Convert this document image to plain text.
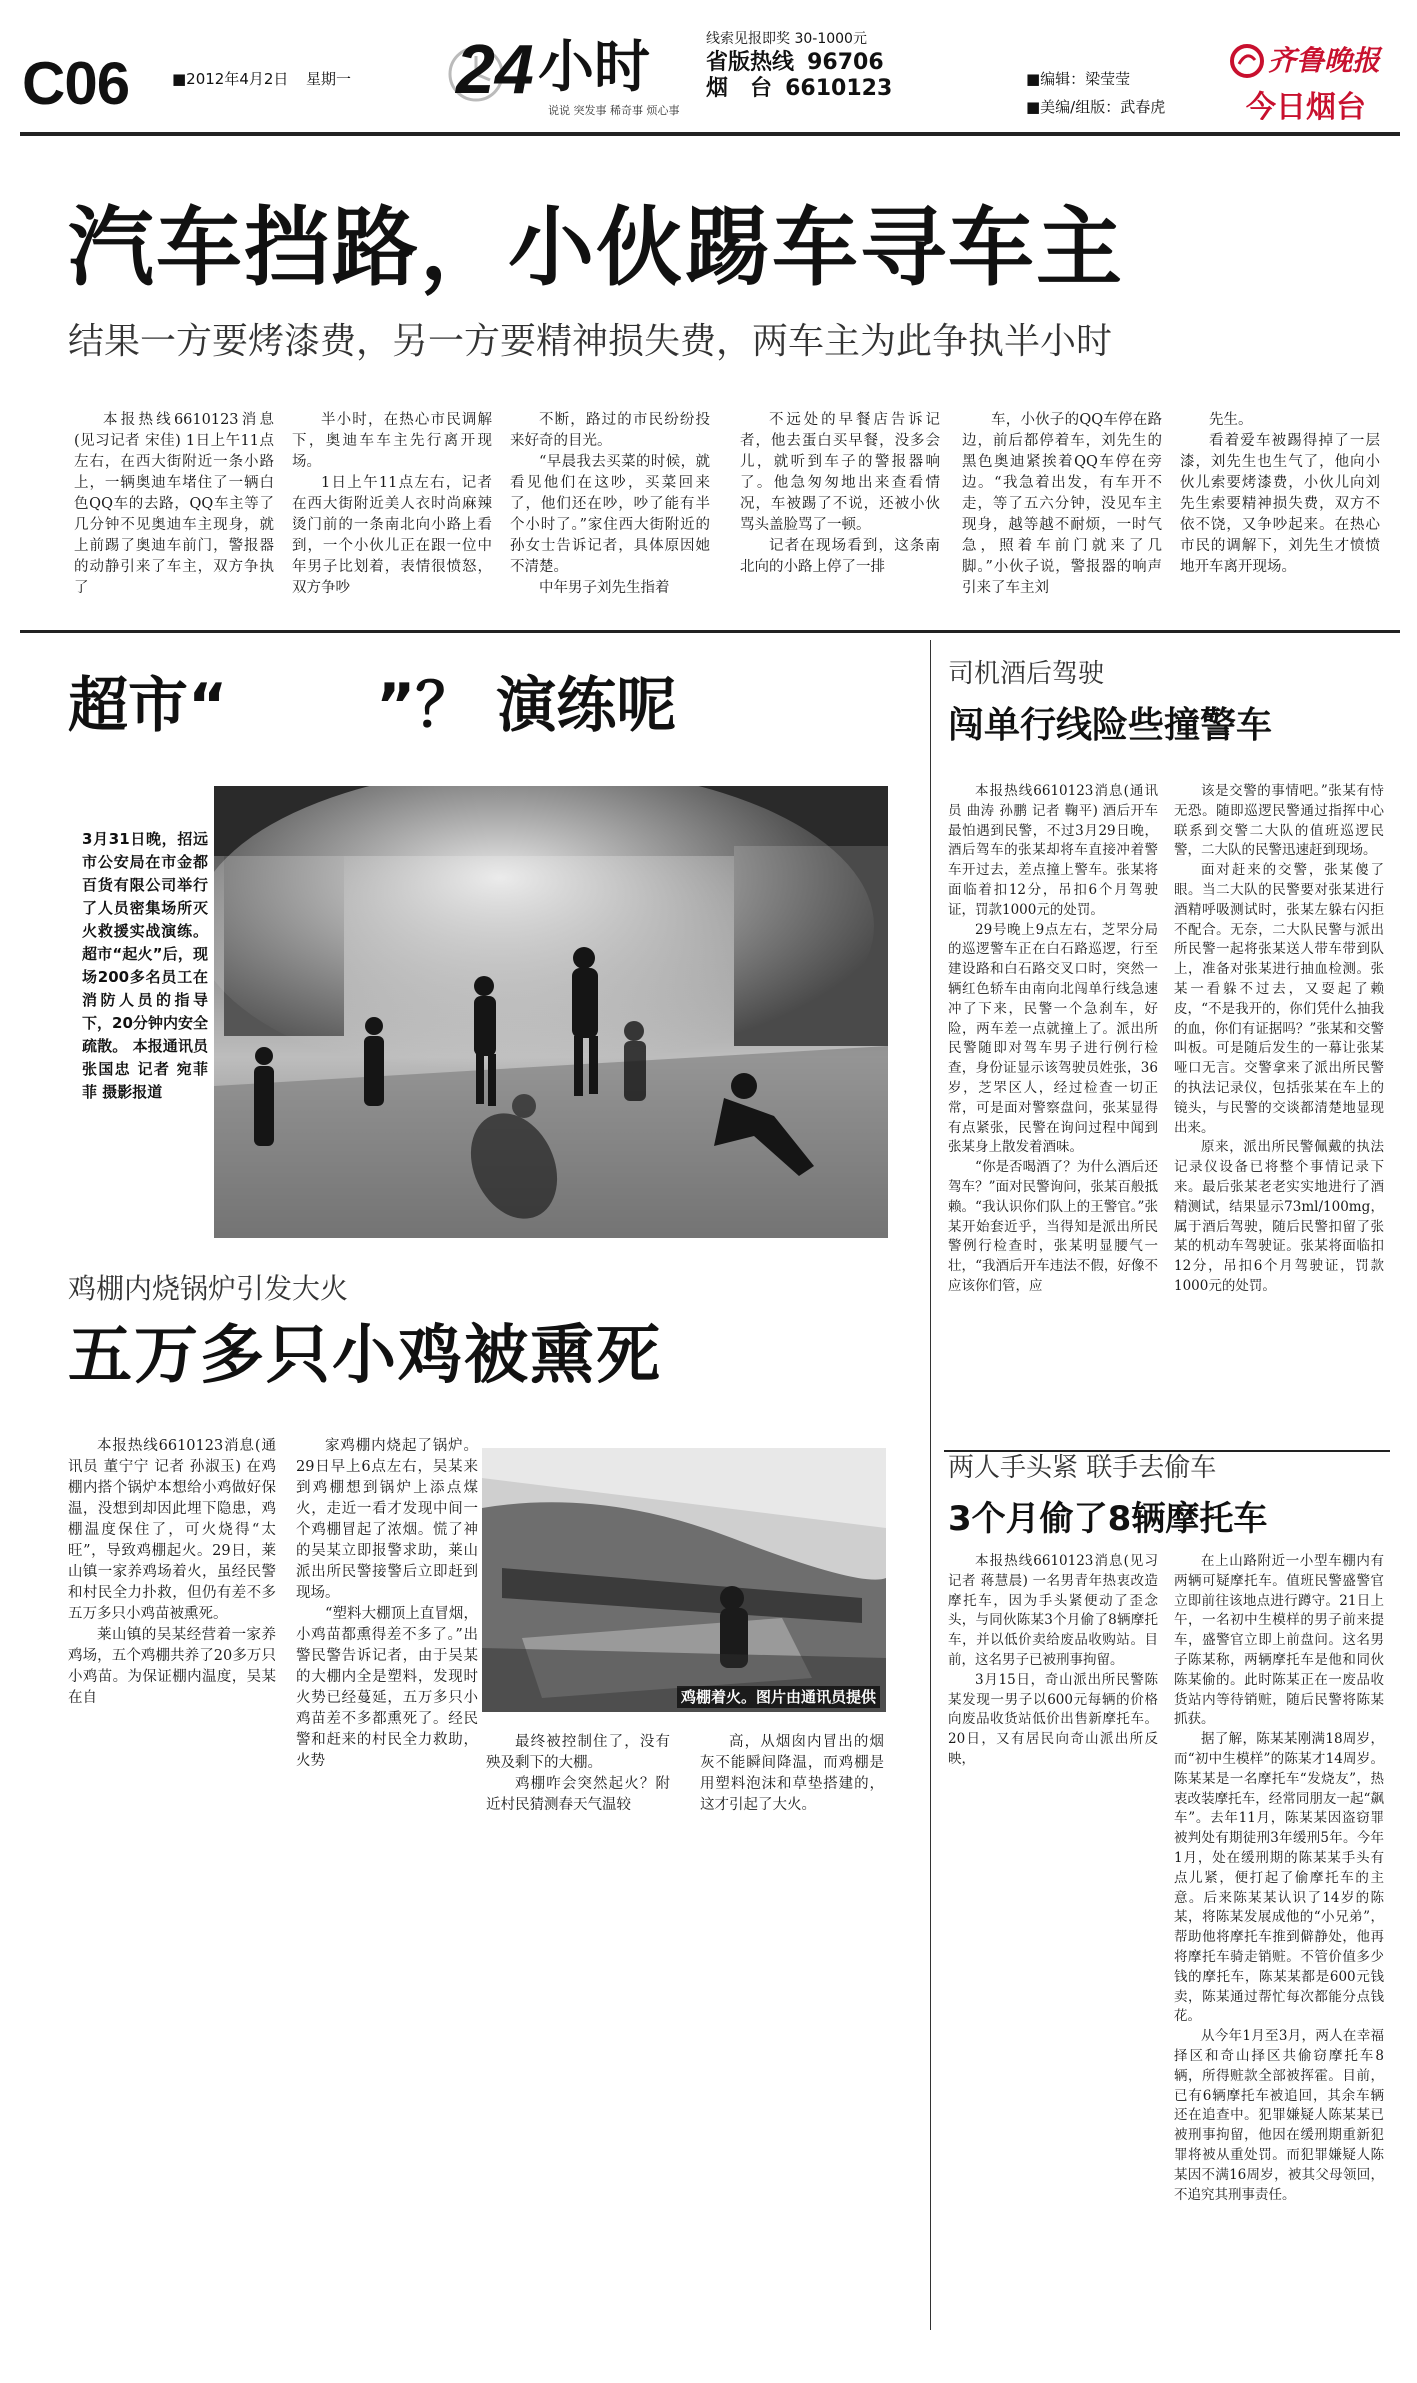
C06	■2012年4月2日 星期一 24 小时
说说 突发事 稀奇事 烦心事
线索见报即奖 30-1000元
省版热线 96706
烟　台 6610123	■编辑：梁莹莹
■美编/组版：武春虎
齐鲁晚报
今日烟台
汽车挡路，小伙踢车寻车主
结果一方要烤漆费，另一方要精神损失费，两车主为此争执半小时

本报热线6610123消息(见习记者 宋佳) 1日上午11点左右，在西大街附近一条小路上，一辆奥迪车堵住了一辆白色QQ车的去路，QQ车主等了几分钟不见奥迪车主现身，就上前踢了奥迪车前门，警报器的动静引来了车主，双方争执了

半小时，在热心市民调解下，奥迪车车主先行离开现场。

1日上午11点左右，记者在西大街附近美人衣时尚麻辣烫门前的一条南北向小路上看到，一个小伙儿正在跟一位中年男子比划着，表情很愤怒，双方争吵

不断，路过的市民纷纷投来好奇的目光。

“早晨我去买菜的时候，就看见他们在这吵，买菜回来了，他们还在吵，吵了能有半个小时了。”家住西大街附近的孙女士告诉记者，具体原因她不清楚。

中年男子刘先生指着

不远处的早餐店告诉记者，他去蛋白买早餐，没多会儿，就听到车子的警报器响了。他急匆匆地出来查看情况，车被踢了不说，还被小伙骂头盖脸骂了一顿。

记者在现场看到，这条南北向的小路上停了一排

车，小伙子的QQ车停在路边，前后都停着车，刘先生的黑色奥迪紧挨着QQ车停在旁边。“我急着出发，有车开不走，等了五六分钟，没见车主现身，越等越不耐烦，一时气急，照着车前门就来了几脚。”小伙子说，警报器的响声引来了车主刘

先生。

看着爱车被踢得掉了一层漆，刘先生也生气了，他向小伙儿索要烤漆费，小伙儿向刘先生索要精神损失费，双方不依不饶，又争吵起来。在热心市民的调解下，刘先生才愤愤地开车离开现场。

超市“ ”？ 演练呢
3月31日晚，招远市公安局在市金都百货有限公司举行了人员密集场所灭火救援实战演练。超市“起火”后，现场200多名员工在消防人员的指导下，20分钟内安全疏散。 本报通讯员 张国忠 记者 宛菲菲 摄影报道
鸡棚内烧锅炉引发大火
五万多只小鸡被熏死

本报热线6610123消息(通讯员 董宁宁 记者 孙淑玉) 在鸡棚内搭个锅炉本想给小鸡做好保温，没想到却因此埋下隐患，鸡棚温度保住了，可火烧得“太旺”，导致鸡棚起火。29日，莱山镇一家养鸡场着火，虽经民警和村民全力扑救，但仍有差不多五万多只小鸡苗被熏死。

莱山镇的吴某经营着一家养鸡场，五个鸡棚共养了20多万只小鸡苗。为保证棚内温度，吴某在自

家鸡棚内烧起了锅炉。29日早上6点左右，吴某来到鸡棚想到锅炉上添点煤火，走近一看才发现中间一个鸡棚冒起了浓烟。慌了神的吴某立即报警求助，莱山派出所民警接警后立即赶到现场。

“塑料大棚顶上直冒烟，小鸡苗都熏得差不多了。”出警民警告诉记者，由于吴某的大棚内全是塑料，发现时火势已经蔓延，五万多只小鸡苗差不多都熏死了。经民警和赶来的村民全力救助，火势

鸡棚着火。图片由通讯员提供

最终被控制住了，没有殃及剩下的大棚。

鸡棚咋会突然起火？附近村民猜测春天气温较

高，从烟囱内冒出的烟灰不能瞬间降温，而鸡棚是用塑料泡沫和草垫搭建的，这才引起了大火。

司机酒后驾驶
闯单行线险些撞警车

本报热线6610123消息(通讯员 曲涛 孙鹏 记者 鞠平) 酒后开车最怕遇到民警，不过3月29日晚，酒后驾车的张某却将车直接冲着警车开过去，差点撞上警车。张某将面临着扣12分，吊扣6个月驾驶证，罚款1000元的处罚。

29号晚上9点左右，芝罘分局的巡逻警车正在白石路巡逻，行至建设路和白石路交叉口时，突然一辆红色轿车由南向北闯单行线急速冲了下来，民警一个急刹车，好险，两车差一点就撞上了。派出所民警随即对驾车男子进行例行检查，身份证显示该驾驶员姓张，36岁，芝罘区人，经过检查一切正常，可是面对警察盘问，张某显得有点紧张，民警在询问过程中闻到张某身上散发着酒味。

“你是否喝酒了？为什么酒后还驾车？”面对民警询问，张某百般抵赖。“我认识你们队上的王警官。”张某开始套近乎，当得知是派出所民警例行检查时，张某明显腰气一壮，“我酒后开车违法不假，好像不应该你们管，应

该是交警的事情吧。”张某有恃无恐。随即巡逻民警通过指挥中心联系到交警二大队的值班巡逻民警，二大队的民警迅速赶到现场。

面对赶来的交警，张某傻了眼。当二大队的民警要对张某进行酒精呼吸测试时，张某左躲右闪拒不配合。无奈，二大队民警与派出所民警一起将张某送人带车带到队上，准备对张某进行抽血检测。张某一看躲不过去，又耍起了赖皮，“不是我开的，你们凭什么抽我的血，你们有证据吗？”张某和交警叫板。可是随后发生的一幕让张某哑口无言。交警拿来了派出所民警的执法记录仪，包括张某在车上的镜头，与民警的交谈都清楚地显现出来。

原来，派出所民警佩戴的执法记录仪设备已将整个事情记录下来。最后张某老老实实地进行了酒精测试，结果显示73ml/100mg，属于酒后驾驶，随后民警扣留了张某的机动车驾驶证。张某将面临扣12分，吊扣6个月驾驶证，罚款1000元的处罚。

两人手头紧 联手去偷车
3个月偷了8辆摩托车

本报热线6610123消息(见习记者 蒋慧晨) 一名男青年热衷改造摩托车，因为手头紧便动了歪念头，与同伙陈某3个月偷了8辆摩托车，并以低价卖给废品收购站。目前，这名男子已被刑事拘留。

3月15日，奇山派出所民警陈某发现一男子以600元每辆的价格向废品收货站低价出售新摩托车。20日，又有居民向奇山派出所反映，

在上山路附近一小型车棚内有两辆可疑摩托车。值班民警盛警官立即前往该地点进行蹲守。21日上午，一名初中生模样的男子前来提车，盛警官立即上前盘问。这名男子陈某称，两辆摩托车是他和同伙陈某偷的。此时陈某正在一废品收货站内等待销赃，随后民警将陈某抓获。

据了解，陈某某刚满18周岁，而“初中生模样”的陈某才14周岁。陈某某是一名摩托车“发烧友”，热衷改装摩托车，经常同朋友一起“飙车”。去年11月，陈某某因盗窃罪被判处有期徒刑3年缓刑5年。今年1月，处在缓刑期的陈某某手头有点儿紧，便打起了偷摩托车的主意。后来陈某某认识了14岁的陈某，将陈某发展成他的“小兄弟”，帮助他将摩托车推到僻静处，他再将摩托车骑走销赃。不管价值多少钱的摩托车，陈某某都是600元钱卖，陈某通过帮忙每次都能分点钱花。

从今年1月至3月，两人在幸福择区和奇山择区共偷窃摩托车8辆，所得赃款全部被挥霍。目前，已有6辆摩托车被追回，其余车辆还在追查中。犯罪嫌疑人陈某某已被刑事拘留，他因在缓刑期重新犯罪将被从重处罚。而犯罪嫌疑人陈某因不满16周岁，被其父母领回，不追究其刑事责任。
